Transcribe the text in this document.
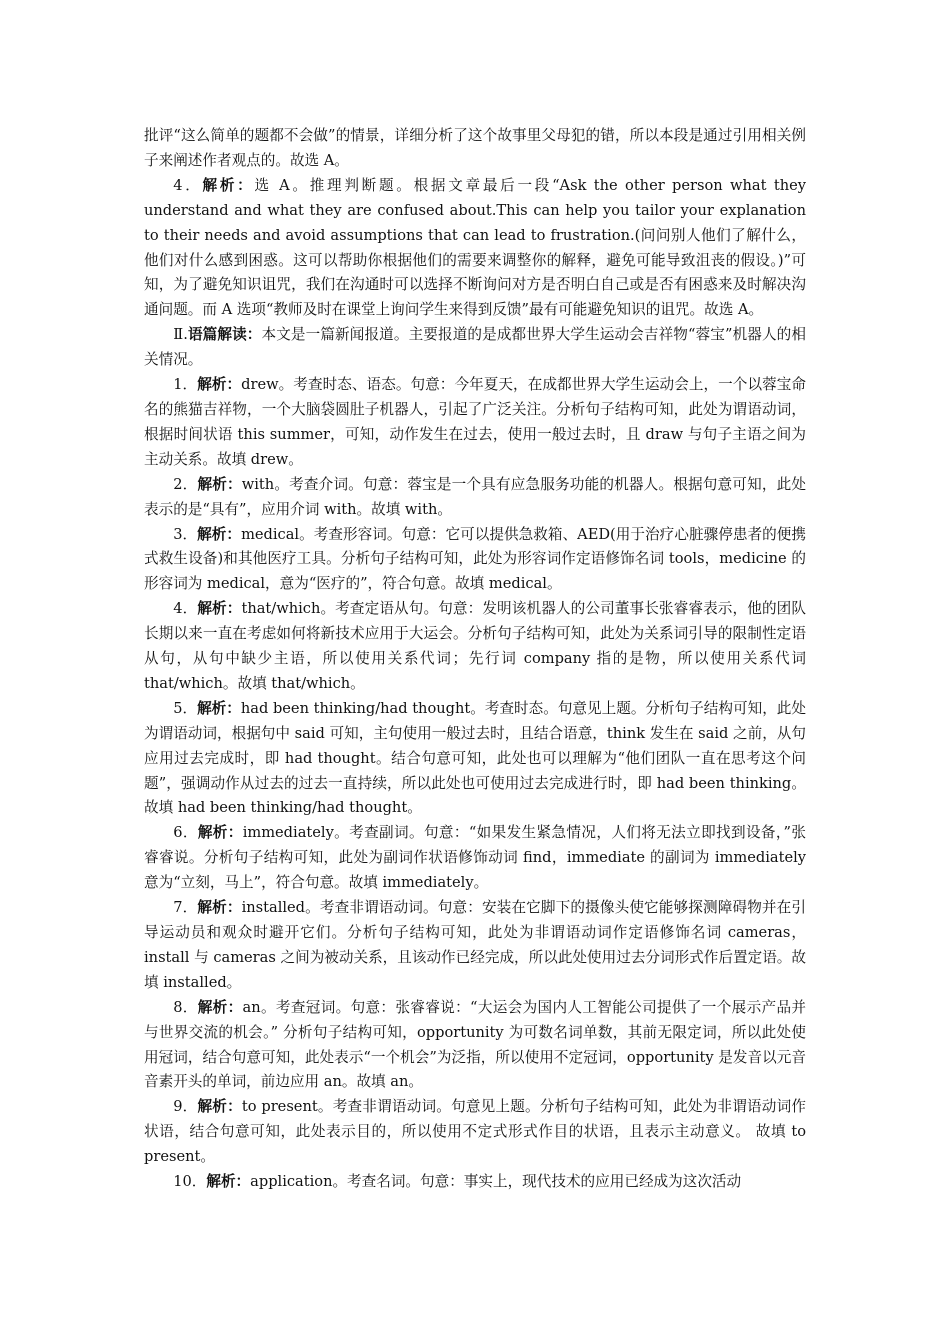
批评“这么简单的题都不会做”的情景，详细分析了这个故事里父母犯的错，所以本段是通过引用相关例子来阐述作者观点的。故选 A。

4．解析：选 A。推理判断题。根据文章最后一段“Ask the other person what they understand and what they are confused about.This can help you tailor your explanation to their needs and avoid assumptions that can lead to frustration.(问问别人他们了解什么，他们对什么感到困惑。这可以帮助你根据他们的需要来调整你的解释，避免可能导致沮丧的假设。)”可知，为了避免知识诅咒，我们在沟通时可以选择不断询问对方是否明白自己或是否有困惑来及时解决沟通问题。而 A 选项“教师及时在课堂上询问学生来得到反馈”最有可能避免知识的诅咒。故选 A。

Ⅱ.语篇解读：本文是一篇新闻报道。主要报道的是成都世界大学生运动会吉祥物“蓉宝”机器人的相关情况。

1．解析：drew。考查时态、语态。句意：今年夏天，在成都世界大学生运动会上，一个以蓉宝命名的熊猫吉祥物，一个大脑袋圆肚子机器人，引起了广泛关注。分析句子结构可知，此处为谓语动词，根据时间状语 this summer，可知，动作发生在过去，使用一般过去时，且 draw 与句子主语之间为主动关系。故填 drew。

2．解析：with。考查介词。句意：蓉宝是一个具有应急服务功能的机器人。根据句意可知，此处表示的是“具有”，应用介词 with。故填 with。

3．解析：medical。考查形容词。句意：它可以提供急救箱、AED(用于治疗心脏骤停患者的便携式救生设备)和其他医疗工具。分析句子结构可知，此处为形容词作定语修饰名词 tools，medicine 的形容词为 medical，意为“医疗的”，符合句意。故填 medical。

4．解析：that/which。考查定语从句。句意：发明该机器人的公司董事长张睿睿表示，他的团队长期以来一直在考虑如何将新技术应用于大运会。分析句子结构可知，此处为关系词引导的限制性定语从句，从句中缺少主语，所以使用关系代词；先行词 company 指的是物，所以使用关系代词 that/which。故填 that/which。

5．解析：had been thinking/had thought。考查时态。句意见上题。分析句子结构可知，此处为谓语动词，根据句中 said 可知，主句使用一般过去时，且结合语意，think 发生在 said 之前，从句应用过去完成时，即 had thought。结合句意可知，此处也可以理解为“他们团队一直在思考这个问题”，强调动作从过去的过去一直持续，所以此处也可使用过去完成进行时，即 had been thinking。故填 had been thinking/had thought。

6．解析：immediately。考查副词。句意：“如果发生紧急情况，人们将无法立即找到设备，”张睿睿说。分析句子结构可知，此处为副词作状语修饰动词 find，immediate 的副词为 immediately 意为“立刻，马上”，符合句意。故填 immediately。

7．解析：installed。考查非谓语动词。句意：安装在它脚下的摄像头使它能够探测障碍物并在引导运动员和观众时避开它们。分析句子结构可知，此处为非谓语动词作定语修饰名词 cameras，install 与 cameras 之间为被动关系，且该动作已经完成，所以此处使用过去分词形式作后置定语。故填 installed。

8．解析：an。考查冠词。句意：张睿睿说：“大运会为国内人工智能公司提供了一个展示产品并与世界交流的机会。” 分析句子结构可知，opportunity 为可数名词单数，其前无限定词，所以此处使用冠词，结合句意可知，此处表示“一个机会”为泛指，所以使用不定冠词，opportunity 是发音以元音音素开头的单词，前边应用 an。故填 an。

9．解析：to present。考查非谓语动词。句意见上题。分析句子结构可知，此处为非谓语动词作状语，结合句意可知，此处表示目的，所以使用不定式形式作目的状语，且表示主动意义。 故填 to present。

10．解析：application。考查名词。句意：事实上，现代技术的应用已经成为这次活动
